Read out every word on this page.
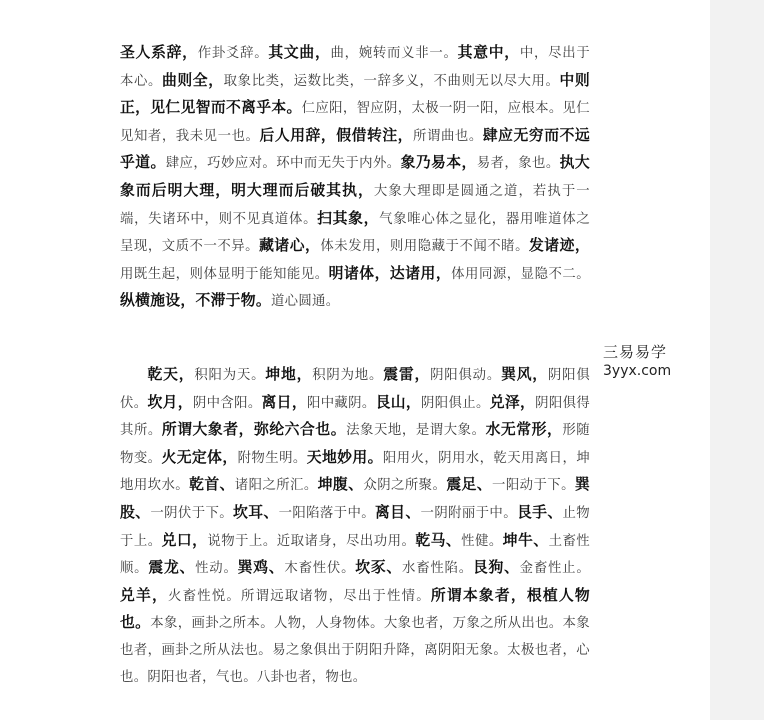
圣人系辞，作卦爻辞。其文曲，曲，婉转而义非一。其意中，中，尽出于本心。曲则全，取象比类，运数比类，一辞多义，不曲则无以尽大用。中则正，见仁见智而不离乎本。仁应阳，智应阴，太极一阴一阳，应根本。见仁见知者，我未见一也。后人用辞，假借转注，所谓曲也。肆应无穷而不远乎道。肆应，巧妙应对。环中而无失于内外。象乃易本，易者，象也。执大象而后明大理，明大理而后破其执，大象大理即是圆通之道，若执于一端，失诸环中，则不见真道体。扫其象，气象唯心体之显化，器用唯道体之呈现，文质不一不异。藏诸心，体未发用，则用隐藏于不闻不睹。发诸迹，用既生起，则体显明于能知能见。明诸体，达诸用，体用同源，显隐不二。纵横施设，不滞于物。道心圆通。
乾天，积阳为天。坤地，积阴为地。震雷，阴阳俱动。巽风，阴阳俱伏。坎月，阴中含阳。离日，阳中藏阴。艮山，阴阳俱止。兑泽，阴阳俱得其所。所谓大象者，弥纶六合也。法象天地，是谓大象。水无常形，形随物变。火无定体，附物生明。天地妙用。阳用火，阴用水，乾天用离日，坤地用坎水。乾首、诸阳之所汇。坤腹、众阴之所聚。震足、一阳动于下。巽股、一阴伏于下。坎耳、一阳陷落于中。离目、一阴附丽于中。艮手、止物于上。兑口，说物于上。近取诸身，尽出功用。乾马、性健。坤牛、土畜性顺。震龙、性动。巽鸡、木畜性伏。坎豕、水畜性陷。艮狗、金畜性止。兑羊，火畜性悦。所谓远取诸物，尽出于性情。所谓本象者，根植人物也。本象，画卦之所本。人物，人身物体。大象也者，万象之所从出也。本象也者，画卦之所从法也。易之象俱出于阴阳升降，离阴阳无象。太极也者，心也。阴阳也者，气也。八卦也者，物也。
三易易学
3yyx.com
